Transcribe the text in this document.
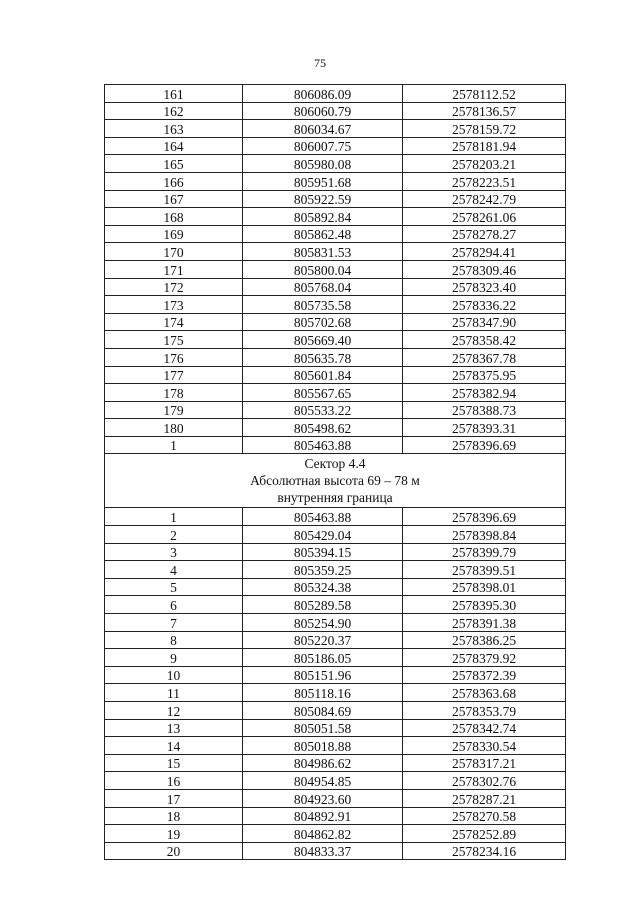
75
161	806086.09	2578112.52
162	806060.79	2578136.57
163	806034.67	2578159.72
164	806007.75	2578181.94
165	805980.08	2578203.21
166	805951.68	2578223.51
167	805922.59	2578242.79
168	805892.84	2578261.06
169	805862.48	2578278.27
170	805831.53	2578294.41
171	805800.04	2578309.46
172	805768.04	2578323.40
173	805735.58	2578336.22
174	805702.68	2578347.90
175	805669.40	2578358.42
176	805635.78	2578367.78
177	805601.84	2578375.95
178	805567.65	2578382.94
179	805533.22	2578388.73
180	805498.62	2578393.31
1	805463.88	2578396.69

Сектор 4.4
Абсолютная высота 69 – 78 м
внутренняя граница		

1	805463.88	2578396.69
2	805429.04	2578398.84
3	805394.15	2578399.79
4	805359.25	2578399.51
5	805324.38	2578398.01
6	805289.58	2578395.30
7	805254.90	2578391.38
8	805220.37	2578386.25
9	805186.05	2578379.92
10	805151.96	2578372.39
11	805118.16	2578363.68
12	805084.69	2578353.79
13	805051.58	2578342.74
14	805018.88	2578330.54
15	804986.62	2578317.21
16	804954.85	2578302.76
17	804923.60	2578287.21
18	804892.91	2578270.58
19	804862.82	2578252.89
20	804833.37	2578234.16
